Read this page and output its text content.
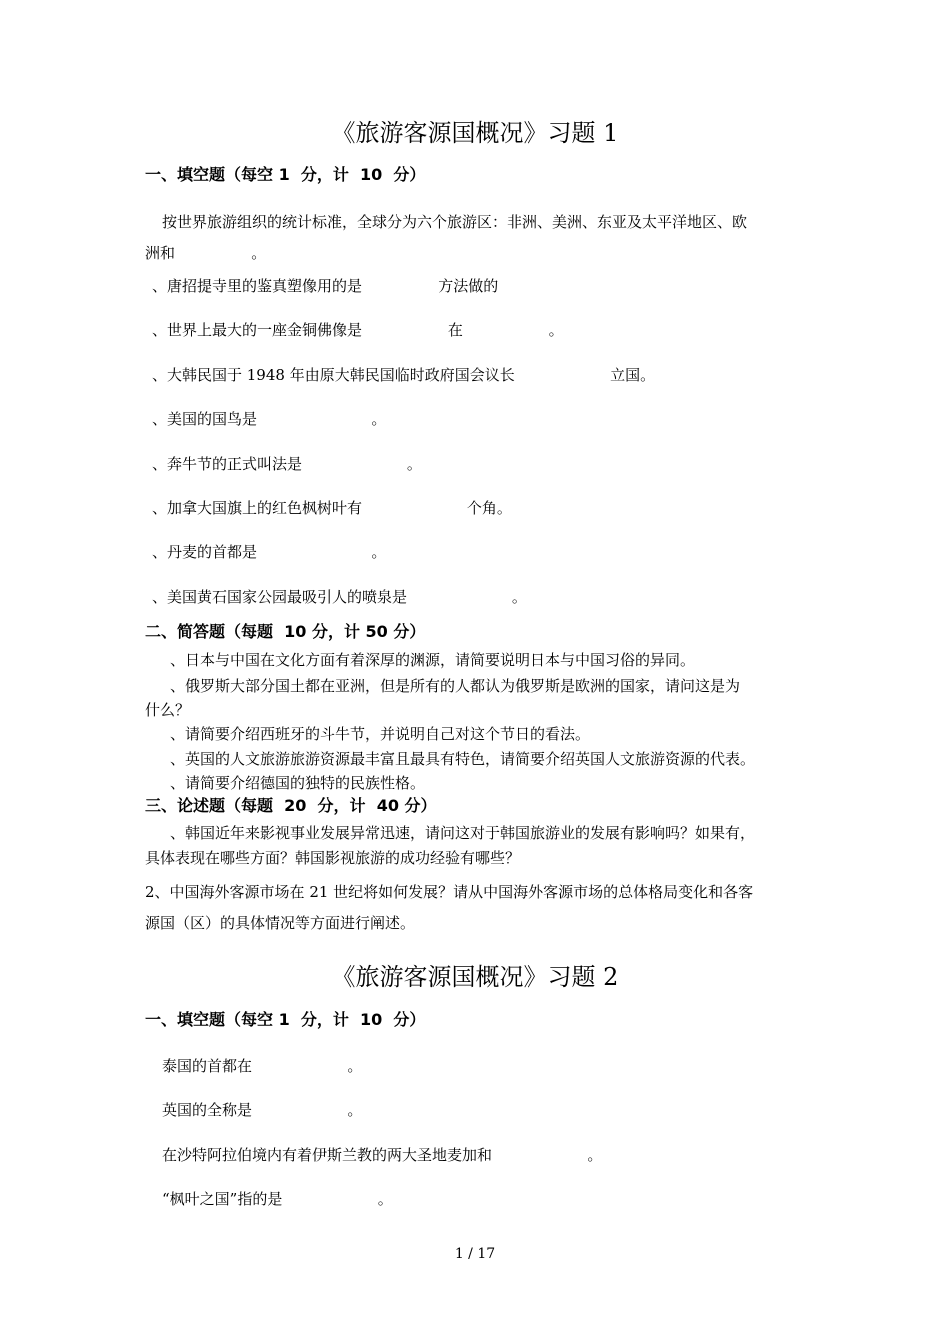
《旅游客源国概况》习题 1
一、填空题（每空 1  分，计  10  分）
按世界旅游组织的统计标准，全球分为六个旅游区：非洲、美洲、东亚及太平洋地区、欧
洲和                。
、唐招提寺里的鉴真塑像用的是                方法做的
、世界上最大的一座金铜佛像是                  在                  。
、大韩民国于 1948 年由原大韩民国临时政府国会议长                    立国。
、美国的国鸟是                        。
、奔牛节的正式叫法是                      。
、加拿大国旗上的红色枫树叶有                      个角。
、丹麦的首都是                        。
、美国黄石国家公园最吸引人的喷泉是                      。
二、简答题（每题  10 分，计 50 分）
、日本与中国在文化方面有着深厚的渊源，请简要说明日本与中国习俗的异同。
、俄罗斯大部分国土都在亚洲，但是所有的人都认为俄罗斯是欧洲的国家，请问这是为
什么？
、请简要介绍西班牙的斗牛节，并说明自己对这个节日的看法。
、英国的人文旅游旅游资源最丰富且最具有特色，请简要介绍英国人文旅游资源的代表。
、请简要介绍德国的独特的民族性格。
三、论述题（每题  20  分，计  40 分）
、韩国近年来影视事业发展异常迅速，请问这对于韩国旅游业的发展有影响吗？如果有，
具体表现在哪些方面？韩国影视旅游的成功经验有哪些？
2、中国海外客源市场在 21 世纪将如何发展？请从中国海外客源市场的总体格局变化和各客
源国（区）的具体情况等方面进行阐述。
《旅游客源国概况》习题 2
一、填空题（每空 1  分，计  10  分）
泰国的首都在                    。
英国的全称是                    。
在沙特阿拉伯境内有着伊斯兰教的两大圣地麦加和                    。
“枫叶之国”指的是                    。
1 / 17
